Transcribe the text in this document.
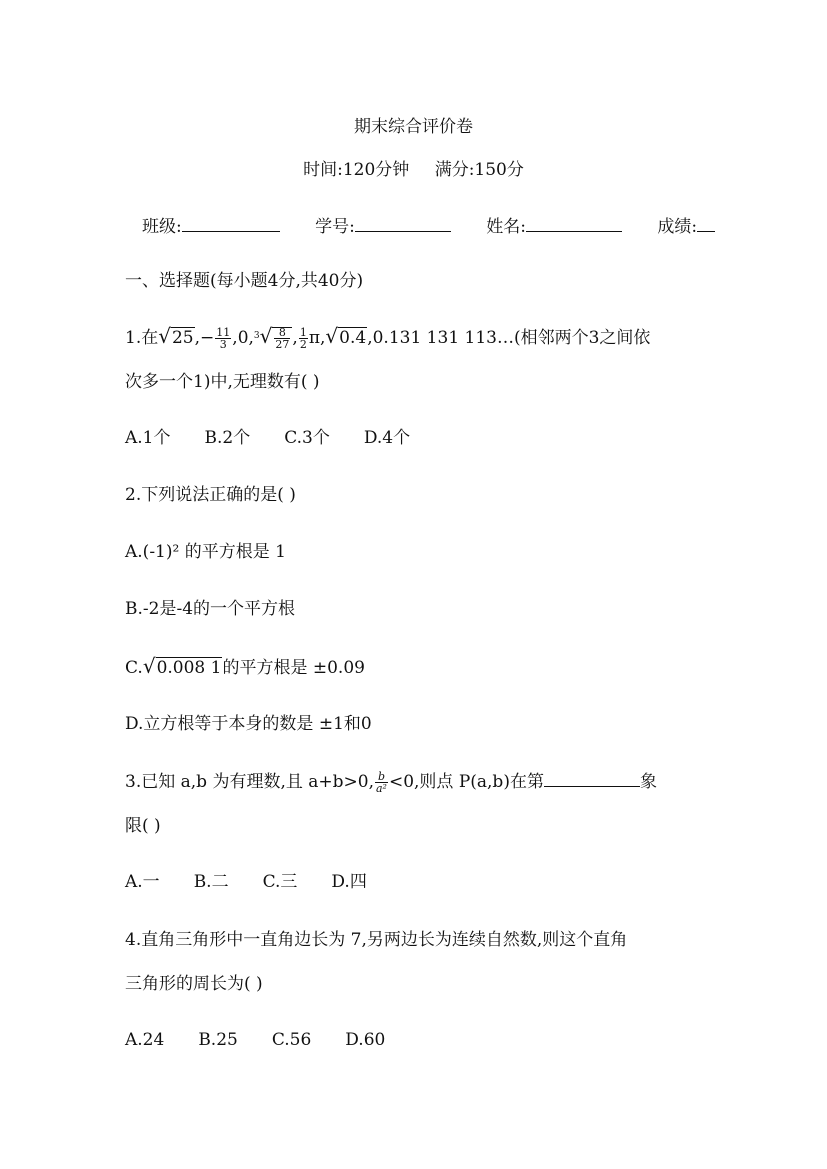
期末综合评价卷
时间:120分钟 满分:150分
班级:	学号:	姓名:	成绩:
一、选择题(每小题4分,共40分)
1.在$√25,- \frac{11}{3} ,0,^3√ \frac{8}{27}$ , $\frac{1}{2} \pi,√0.4,0.131$ 131 113…(相邻两个3之间依
次多一个1)中,无理数有( )
A.1个 B.2个 C.3个 D.4个
2.下列说法正确的是( )
A.(-1)² 的平方根是 1
B.-2是-4的一个平方根
C.√0.008 1的平方根是 ±0.09
D.立方根等于本身的数是 ±1和0
3.已知 a,b 为有理数,且 a+b>0, $\frac{b}{\text{a²}} <0$,则点 P(a,b)在第	象
限( )
A.一 B.二 C.三 D.四
4.直角三角形中一直角边长为 7,另两边长为连续自然数,则这个直角
三角形的周长为( )
A.24 B.25 C.56 D.60
